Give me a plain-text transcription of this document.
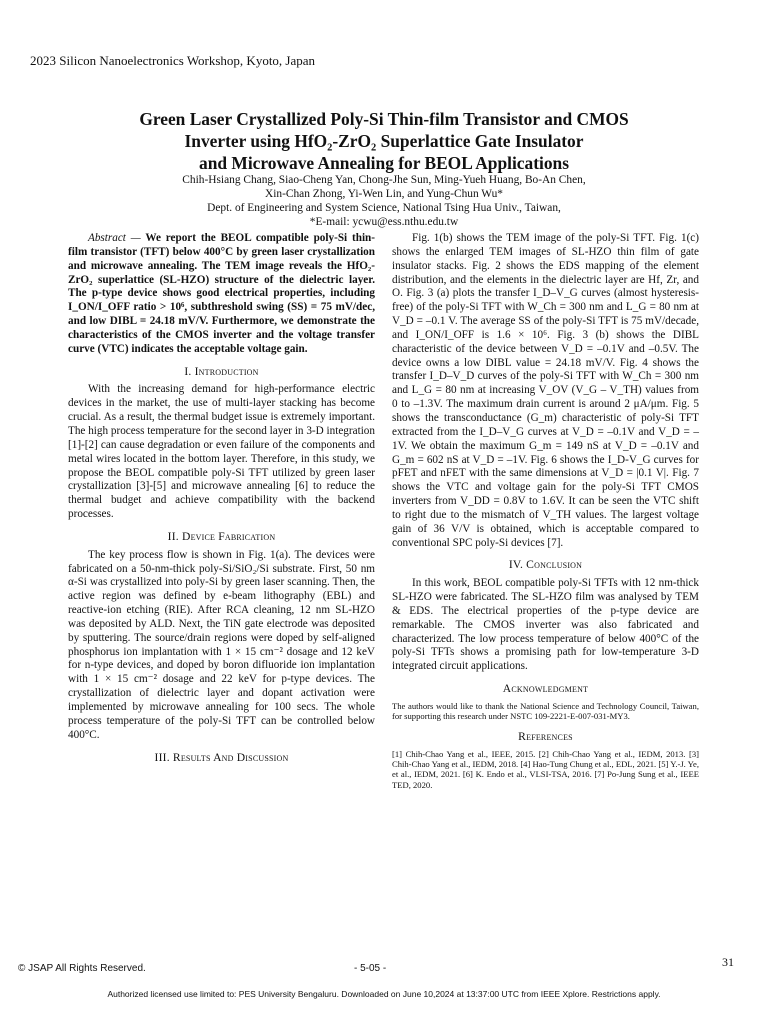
2023 Silicon Nanoelectronics Workshop, Kyoto, Japan
Green Laser Crystallized Poly-Si Thin-film Transistor and CMOS
Inverter using HfO₂-ZrO₂ Superlattice Gate Insulator
and Microwave Annealing for BEOL Applications
Chih-Hsiang Chang, Siao-Cheng Yan, Chong-Jhe Sun, Ming-Yueh Huang, Bo-An Chen,
Xin-Chan Zhong, Yi-Wen Lin, and Yung-Chun Wu*
Dept. of Engineering and System Science, National Tsing Hua Univ., Taiwan,
*E-mail: ycwu@ess.nthu.edu.tw

Abstract — We report the BEOL compatible poly-Si thin-film transistor (TFT) below 400°C by green laser crystallization and microwave annealing. The TEM image reveals the HfO₂-ZrO₂ superlattice (SL-HZO) structure of the dielectric layer. The p-type device shows good electrical properties, including I_ON/I_OFF ratio > 10⁶, subthreshold swing (SS) = 75 mV/dec, and low DIBL = 24.18 mV/V. Furthermore, we demonstrate the characteristics of the CMOS inverter and the voltage transfer curve (VTC) indicates the acceptable voltage gain.

I. Introduction

With the increasing demand for high-performance electric devices in the market, the use of multi-layer stacking has become crucial. As a result, the thermal budget issue is extremely important. The high process temperature for the second layer in 3-D integration [1]-[2] can cause degradation or even failure of the components and metal wires located in the bottom layer. Therefore, in this study, we propose the BEOL compatible poly-Si TFT utilized by green laser crystallization [3]-[5] and microwave annealing [6] to reduce the thermal budget and achieve compatibility with the backend processes.

II. Device Fabrication

The key process flow is shown in Fig. 1(a). The devices were fabricated on a 50-nm-thick poly-Si/SiO₂/Si substrate. First, 50 nm α-Si was crystallized into poly-Si by green laser scanning. Then, the active region was defined by e-beam lithography (EBL) and reactive-ion etching (RIE). After RCA cleaning, 12 nm SL-HZO was deposited by ALD. Next, the TiN gate electrode was deposited by sputtering. The source/drain regions were doped by self-aligned phosphorus ion implantation with 1 × 15 cm⁻² dosage and 12 keV for n-type devices, and doped by boron difluoride ion implantation with 1 × 15 cm⁻² dosage and 22 keV for p-type devices. The crystallization of dielectric layer and dopant activation were implemented by microwave annealing for 100 secs. The whole process temperature of the poly-Si TFT can be controlled below 400°C.

III. Results And Discussion

Fig. 1(b) shows the TEM image of the poly-Si TFT. Fig. 1(c) shows the enlarged TEM images of SL-HZO thin film of gate insulator stacks. Fig. 2 shows the EDS mapping of the element distribution, and the elements in the dielectric layer are Hf, Zr, and O. Fig. 3 (a) plots the transfer I_D–V_G curves (almost hysteresis-free) of the poly-Si TFT with W_Ch = 300 nm and L_G = 80 nm at V_D = –0.1 V. The average SS of the poly-Si TFT is 75 mV/decade, and I_ON/I_OFF is 1.6 × 10⁶. Fig. 3 (b) shows the DIBL characteristic of the device between V_D = –0.1V and –0.5V. The device owns a low DIBL value = 24.18 mV/V. Fig. 4 shows the transfer I_D–V_D curves of the poly-Si TFT with W_Ch = 300 nm and L_G = 80 nm at increasing V_OV (V_G – V_TH) values from 0 to –1.3V. The maximum drain current is around 2 μA/μm. Fig. 5 shows the transconductance (G_m) characteristic of poly-Si TFT extracted from the I_D–V_G curves at V_D = –0.1V and V_D = –1V. We obtain the maximum G_m = 149 nS at V_D = –0.1V and G_m = 602 nS at V_D = –1V. Fig. 6 shows the I_D-V_G curves for pFET and nFET with the same dimensions at V_D = |0.1 V|. Fig. 7 shows the VTC and voltage gain for the poly-Si TFT CMOS inverters from V_DD = 0.8V to 1.6V. It can be seen the VTC shift to right due to the mismatch of V_TH values. The largest voltage gain of 36 V/V is obtained, which is acceptable compared to conventional SPC poly-Si devices [7].

IV. Conclusion

In this work, BEOL compatible poly-Si TFTs with 12 nm-thick SL-HZO were fabricated. The SL-HZO film was analysed by TEM & EDS. The electrical properties of the p-type device are remarkable. The CMOS inverter was also fabricated and characterized. The low process temperature of below 400°C of the poly-Si TFTs shows a promising path for low-temperature 3-D integrated circuit applications.

Acknowledgment

The authors would like to thank the National Science and Technology Council, Taiwan, for supporting this research under NSTC 109-2221-E-007-031-MY3.

References

[1] Chih-Chao Yang et al., IEEE, 2015. [2] Chih-Chao Yang et al., IEDM, 2013. [3] Chih-Chao Yang et al., IEDM, 2018. [4] Hao-Tung Chung et al., EDL, 2021. [5] Y.-J. Ye, et al., IEDM, 2021. [6] K. Endo et al., VLSI-TSA, 2016. [7] Po-Jung Sung et al., IEEE TED, 2020.

© JSAP All Rights Reserved.	- 5-05 -	31
Authorized licensed use limited to: PES University Bengaluru. Downloaded on June 10,2024 at 13:37:00 UTC from IEEE Xplore. Restrictions apply.
